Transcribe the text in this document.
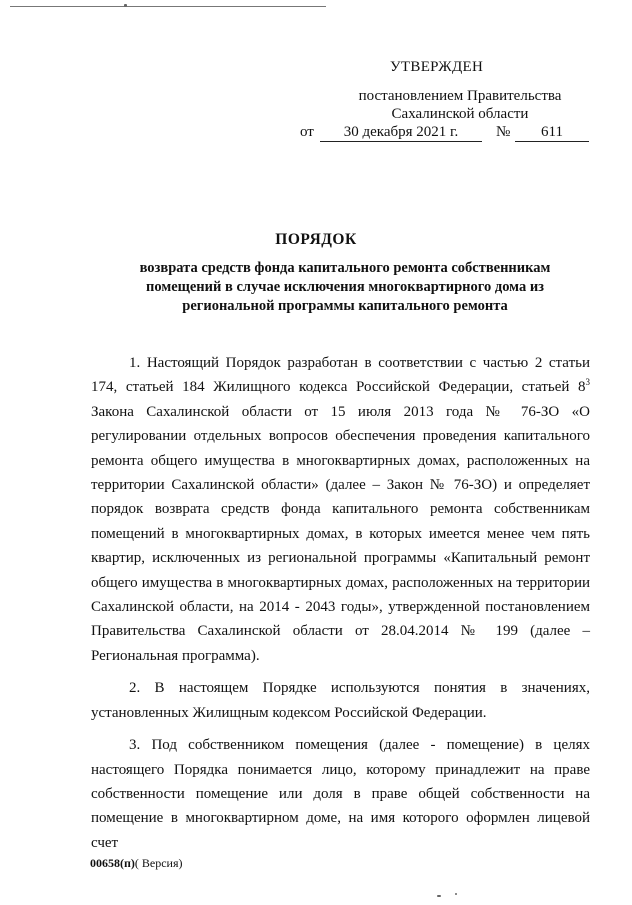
УТВЕРЖДЕН
постановлением Правительства
Сахалинской области
от	30 декабря 2021 г.	№	611
ПОРЯДОК
возврата средств фонда капитального ремонта собственникам
помещений в случае исключения многоквартирного дома из
региональной программы капитального ремонта

1. Настоящий Порядок разработан в соответствии с частью 2 статьи 174, статьей 184 Жилищного кодекса Российской Федерации, статьей $8^3$ Закона Сахалинской области от 15 июля 2013 года № 76-ЗО «О регулировании отдельных вопросов обеспечения проведения капитального ремонта общего имущества в многоквартирных домах, расположенных на территории Сахалинской области» (далее – Закон № 76-ЗО) и определяет порядок возврата средств фонда капитального ремонта собственникам помещений в многоквартирных домах, в которых имеется менее чем пять квартир, исключенных из региональной программы «Капитальный ремонт общего имущества в многоквартирных домах, расположенных на территории Сахалинской области, на 2014 - 2043 годы», утвержденной постановлением Правительства Сахалинской области от 28.04.2014 № 199 (далее – Региональная программа).

2. В настоящем Порядке используются понятия в значениях, установленных Жилищным кодексом Российской Федерации.

3. Под собственником помещения (далее - помещение) в целях настоящего Порядка понимается лицо, которому принадлежит на праве собственности помещение или доля в праве общей собственности на помещение в многоквартирном доме, на имя которого оформлен лицевой счет

00658(п)( Версия)
